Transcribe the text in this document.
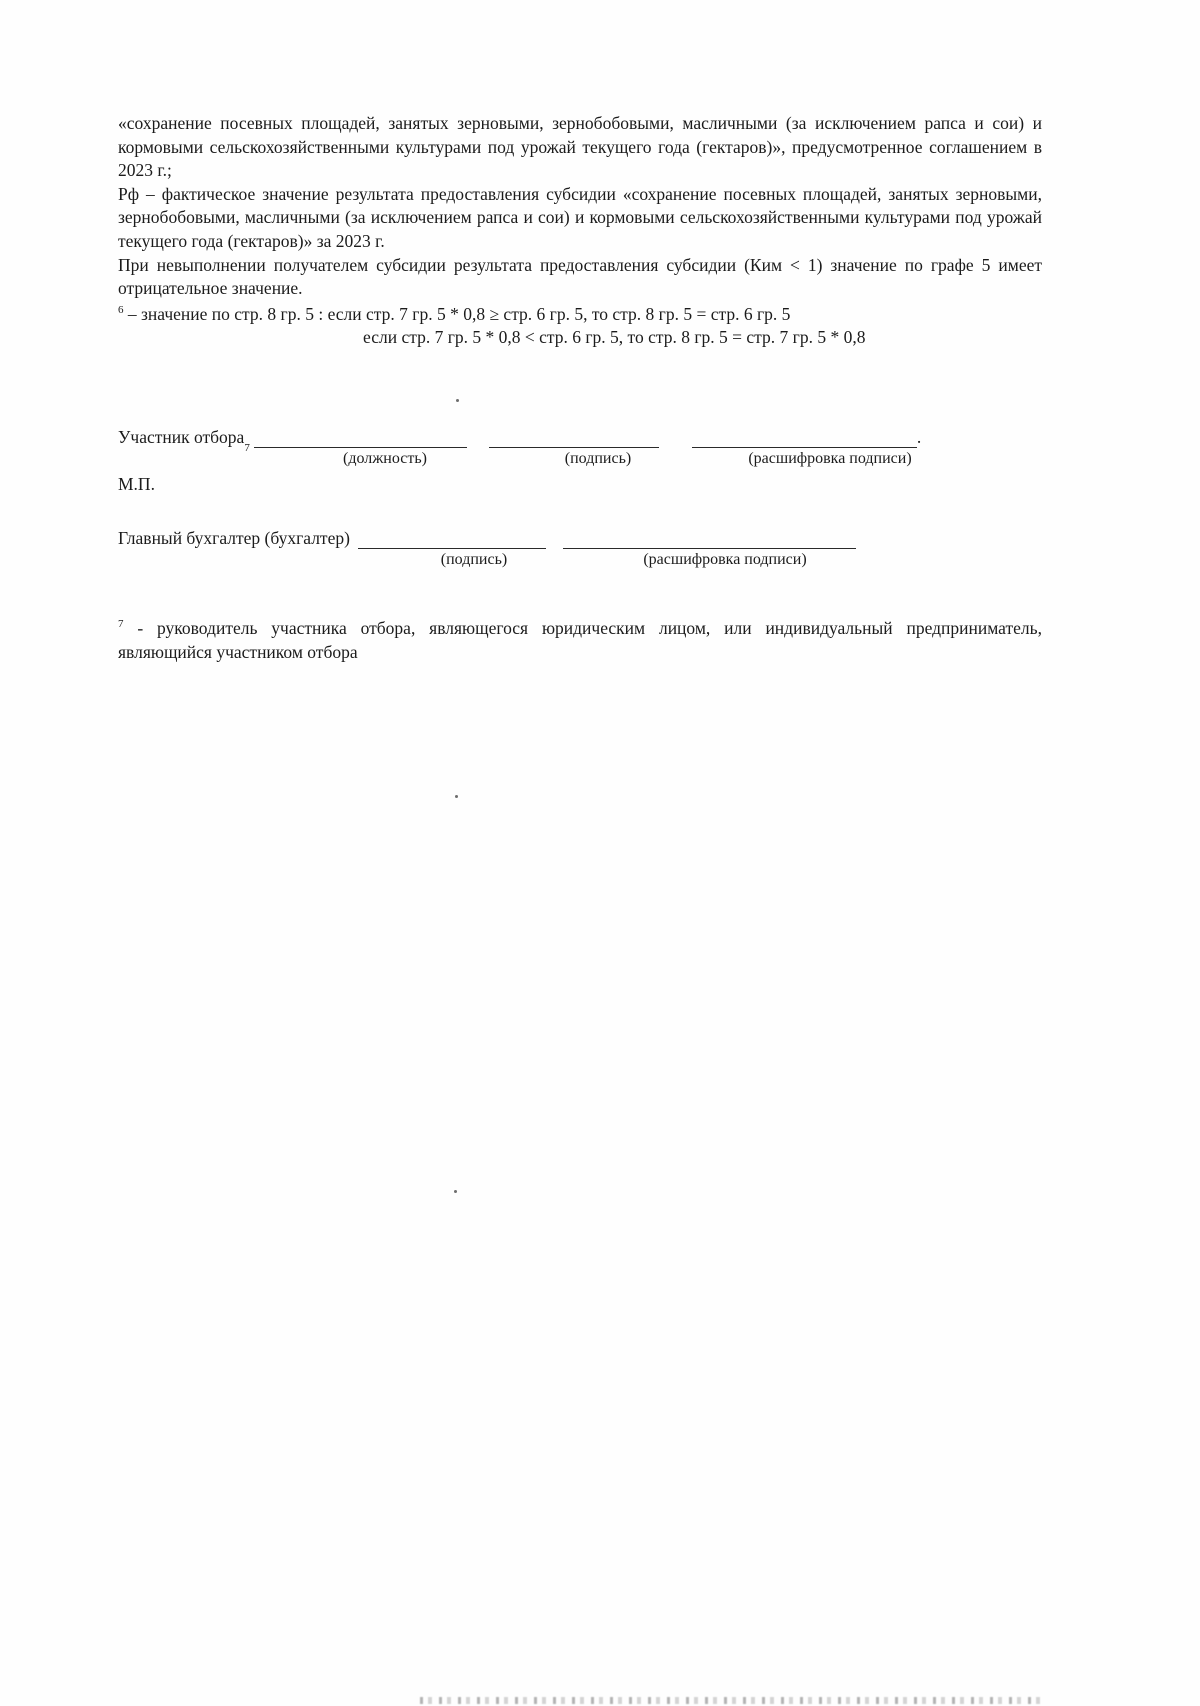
«сохранение посевных площадей, занятых зерновыми, зернобобовыми, масличными (за исключением рапса и сои) и кормовыми сельскохозяйственными культурами под урожай текущего года (гектаров)», предусмотренное соглашением в 2023 г.;

Рф – фактическое значение результата предоставления субсидии «сохранение посевных площадей, занятых зерновыми, зернобобовыми, масличными (за исключением рапса и сои) и кормовыми сельскохозяйственными культурами под урожай текущего года (гектаров)» за 2023 г.

При невыполнении получателем субсидии результата предоставления субсидии (Ким < 1) значение по графе 5 имеет отрицательное значение.

$^6$ – значение по стр. 8 гр. 5 : если стр. 7 гр. 5 * 0,8 ≥ стр. 6 гр. 5, то стр. 8 гр. 5 = стр. 6 гр. 5
если стр. 7 гр. 5 * 0,8 < стр. 6 гр. 5, то стр. 8 гр. 5 = стр. 7 гр. 5 * 0,8
Участник отбора
7
.
(должность)	(подпись)	(расшифровка подписи)
М.П.
Главный бухгалтер (бухгалтер)
(подпись)	(расшифровка подписи)

$^7$ - руководитель участника отбора, являющегося юридическим лицом, или индивидуальный предприниматель, являющийся участником отбора
